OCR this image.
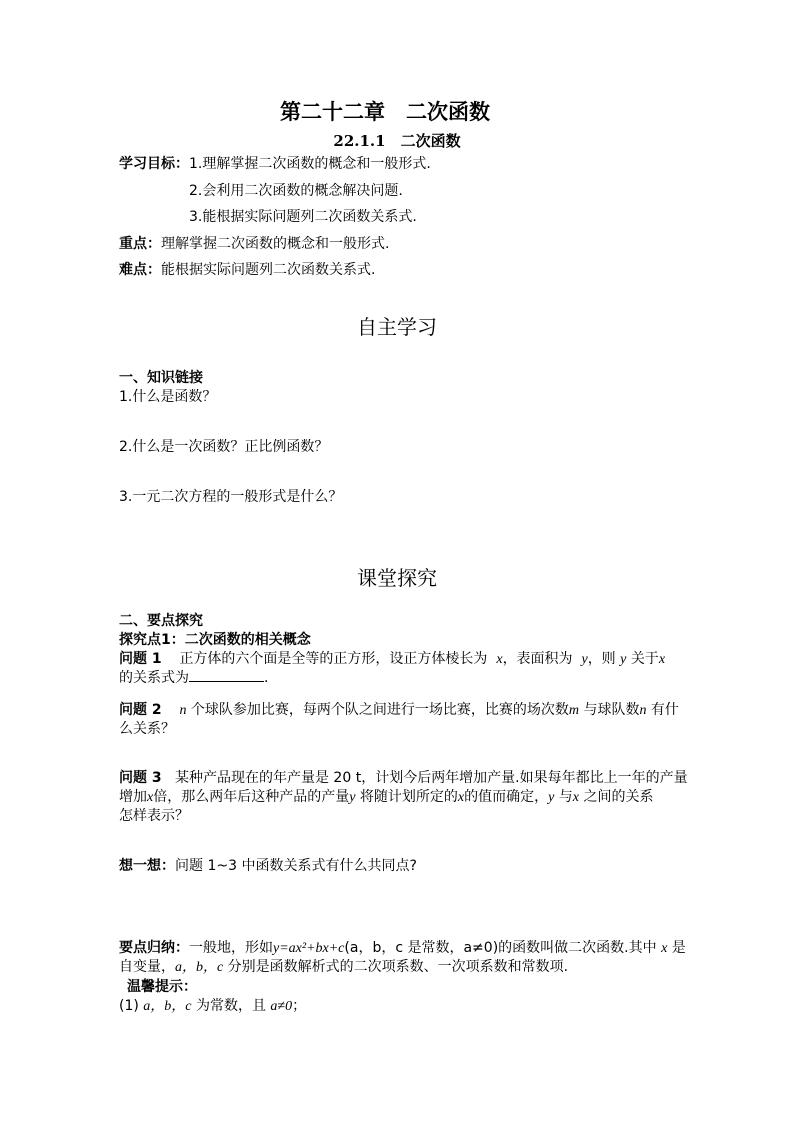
第二十二章　二次函数
22.1.1　二次函数
学习目标：1.理解掌握二次函数的概念和一般形式.
2.会利用二次函数的概念解决问题.
3.能根据实际问题列二次函数关系式.
重点：理解掌握二次函数的概念和一般形式.
难点：能根据实际问题列二次函数关系式.
自主学习
一、知识链接
1.什么是函数？
2.什么是一次函数？正比例函数？
3.一元二次方程的一般形式是什么？
课堂探究
二、要点探究
探究点1：二次函数的相关概念
问题 1 正方体的六个面是全等的正方形，设正方体棱长为 x，表面积为 y，则 y 关于x
的关系式为	.
问题 2 n 个球队参加比赛，每两个队之间进行一场比赛，比赛的场次数m 与球队数n 有什
么关系？
问题 3 某种产品现在的年产量是 20 t，计划今后两年增加产量.如果每年都比上一年的产量
增加x倍，那么两年后这种产品的产量y 将随计划所定的x的值而确定，y 与x 之间的关系
怎样表示？
想一想：问题 1~3 中函数关系式有什么共同点?
要点归纳：一般地，形如y=ax²+bx+c(a，b，c 是常数，a≠0)的函数叫做二次函数.其中 x 是
自变量，a，b，c 分别是函数解析式的二次项系数、一次项系数和常数项.
温馨提示：
(1) a，b，c 为常数，且 a≠0；
